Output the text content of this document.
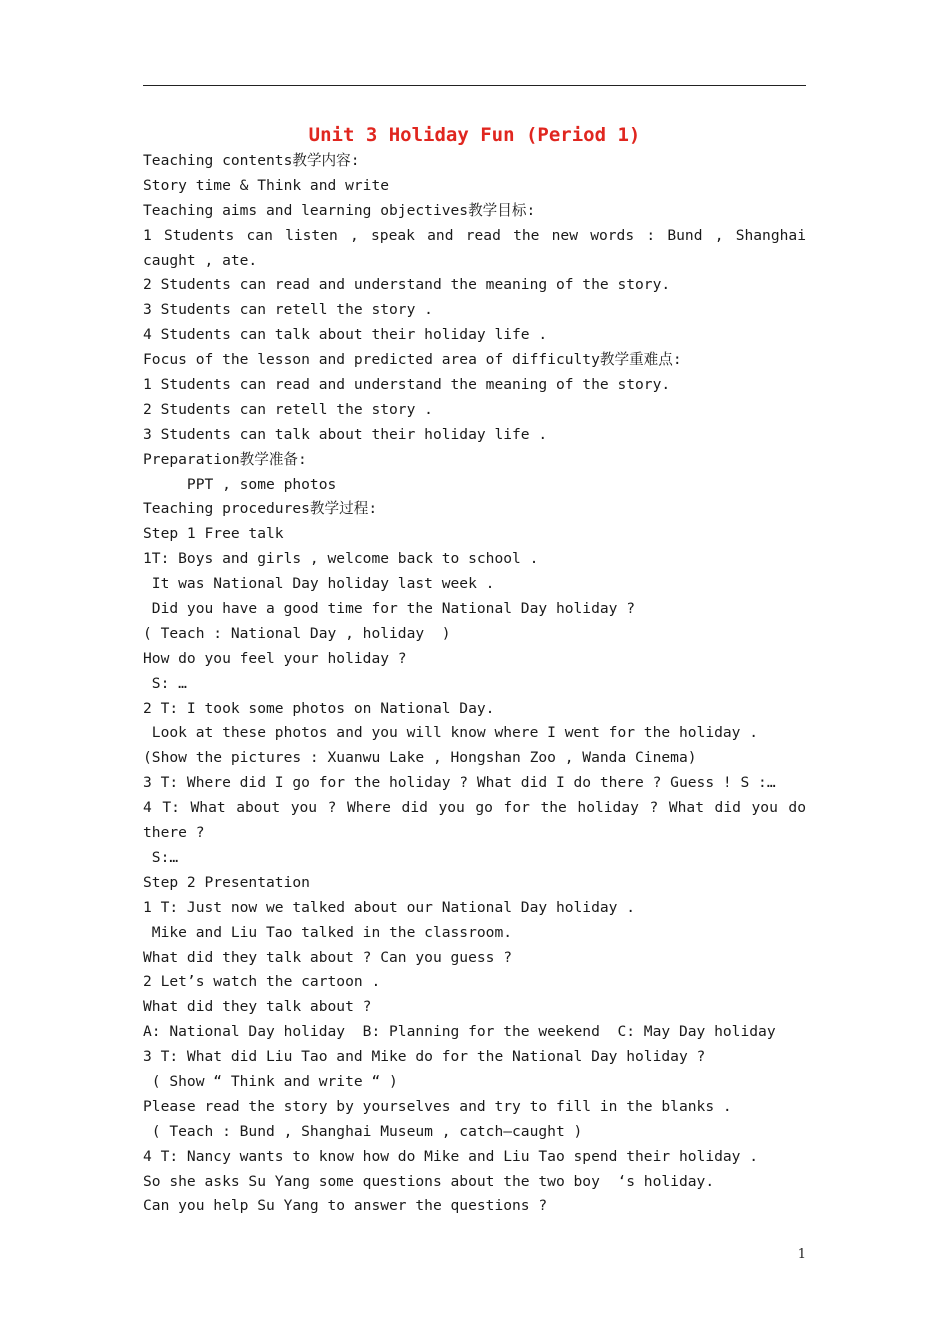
Unit 3 Holiday Fun (Period 1)
Teaching contents教学内容:
Story time & Think and write
Teaching aims and learning objectives教学目标:
1 Students can listen , speak and read the new words : Bund , Shanghai
caught , ate.
2 Students can read and understand the meaning of the story.
3 Students can retell the story .
4 Students can talk about their holiday life .
Focus of the lesson and predicted area of difficulty教学重难点:
1 Students can read and understand the meaning of the story.
2 Students can retell the story .
3 Students can talk about their holiday life .
Preparation教学准备:
PPT , some photos
Teaching procedures教学过程:
Step 1 Free talk
1T: Boys and girls , welcome back to school .
It was National Day holiday last week .
Did you have a good time for the National Day holiday ?
( Teach : National Day , holiday  )
How do you feel your holiday ?
S: …
2 T: I took some photos on National Day.
Look at these photos and you will know where I went for the holiday .
(Show the pictures : Xuanwu Lake , Hongshan Zoo , Wanda Cinema)
3 T: Where did I go for the holiday ? What did I do there ? Guess ! S :…
4 T: What about you ? Where did you go for the holiday ? What did you do
there ?
S:…
Step 2 Presentation
1 T: Just now we talked about our National Day holiday .
Mike and Liu Tao talked in the classroom.
What did they talk about ? Can you guess ?
2 Let’s watch the cartoon .
What did they talk about ?
A: National Day holiday  B: Planning for the weekend  C: May Day holiday
3 T: What did Liu Tao and Mike do for the National Day holiday ?
( Show “ Think and write “ )
Please read the story by yourselves and try to fill in the blanks .
( Teach : Bund , Shanghai Museum , catch—caught )
4 T: Nancy wants to know how do Mike and Liu Tao spend their holiday .
So she asks Su Yang some questions about the two boy  ‘s holiday.
Can you help Su Yang to answer the questions ?
1
